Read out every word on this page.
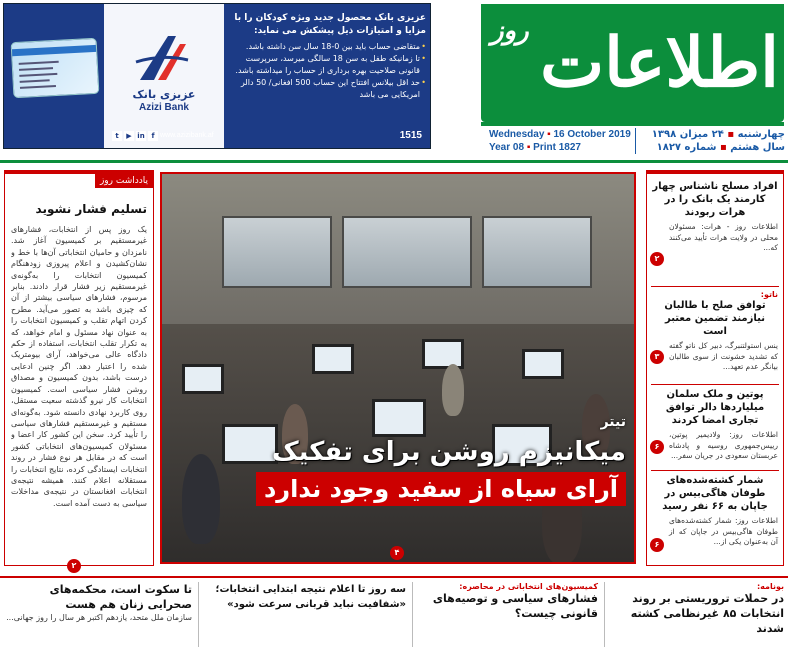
عزیزی بانک
Azizi Bank
عزیزی بانک محصول جدید ویژه کودکان را با مزایا و امتیازات ذیل پیشکش می نماید:
• متقاضی حساب باید بین 0-18 سال سن داشته باشد.
• تا زمانیکه طفل به سن 18 سالگی میرسد، سرپرست قانونی صلاحیت بهره برداری از حساب را میداشته باشد.
• حد اقل بیلانس افتتاح این حساب 500 افغانی/ 50 دالر امریکایی می باشد
1515
www.azizibank.af
f
in
▶
t
روز اطلاعات
Wednesday ▪ 16 October 2019
Year 08 ▪ Print 1827
چهارشنبه ▪ ۲۴ میزان ۱۳۹۸
سال هشتم ▪ شماره ۱۸۲۷
یادداشت روز
تسلیم فشار نشوید
یک روز پس از انتخابات، فشارهای غیرمستقیم بر کمیسیون آغاز شد. نامزدان و حامیان انتخاباتی آن‌ها با خط و نشان‌کشیدن و اعلام پیروزی زودهنگام کمیسیون انتخابات را به‌گونه‌ی غیرمستقیم زیر فشار قرار دادند. بنا‌بر مرسوم، فشارهای سیاسی بیشتر از آن که چیزی باشد به تصور می‌آید. مطرح کردن اتهام تقلب و کمیسیون انتخابات را به عنوان نهاد مسئول و امام خواهد، که به تکرار تقلب انتخابات، استفاده از حکم دادگاه عالی می‌خواهد، آرای بیومتریک شده را اعتبار دهد. اگر چنین ادعایی درست باشد، بدون کمیسیون و مصداق روشن فشار سیاسی است. کمیسیون انتخابات کار نیرو گذشته سعیت مستقل، روی کاربرد نهادی دانسته شود. به‌گونه‌ای مستقیم و غیرمستقیم فشارهای سیاسی را تأیید کرد. سخن این کشور کار اعضا و مسئولان کمیسیون‌های انتخاباتی کشور است که در مقابل هر نوع فشار در روند انتخابات ایستادگی کرده، نتایج انتخابات را مستقلانه اعلام کنند. همیشه نتیجه‌ی انتخابات افغانستان در نتیجه‌ی مداخلات سیاسی به دست آمده است.
۲
تیتر
میکانیزم روشن برای تفکیک
آرای سیاه از سفید وجود ندارد
۴
افراد مسلح ناشناس چهار کارمند یک بانک را در هرات ربودند
اطلاعات روز - هرات: مسئولان محلی در ولایت هرات تأیید می‌کنند که...
۲
ناتو:
توافق صلح با طالبان نیازمند تضمین معتبر است
ینس استولتنبرگ، دبیر کل ناتو گفته که تشدید خشونت از سوی طالبان بیانگر عدم تعهد...
۳
پوتین و ملک سلمان میلیاردها دالر توافق تجاری امضا کردند
اطلاعات روز: ولادیمیر پوتین، رییس‌جمهوری روسیه و پادشاه عربستان سعودی در جریان سفر...
۶
شمار کشته‌شده‌های طوفان هاگی‌بیس در جاپان به ۶۶ نفر رسید
اطلاعات روز: شمار کشته‌شده‌های طوفان هاگی‌بیس در جاپان که از آن به‌عنوان یکی از...
۶
بونامه:
در حملات تروریستی بر روند انتخابات ۸۵ غیرنظامی کشته شدند
کمیسیون‌های انتخاباتی در محاصره:
فشارهای سیاسی و توصیه‌های قانونی چیست؟
سه روز تا اعلام نتیجه ابتدایی انتخابات؛ «شفافیت نباید قربانی سرعت شود»
تا سکوت است، محکمه‌های صحرایی زنان هم هست
سازمان ملل متحد، یازدهم اکتبر هر سال را روز جهانی...
